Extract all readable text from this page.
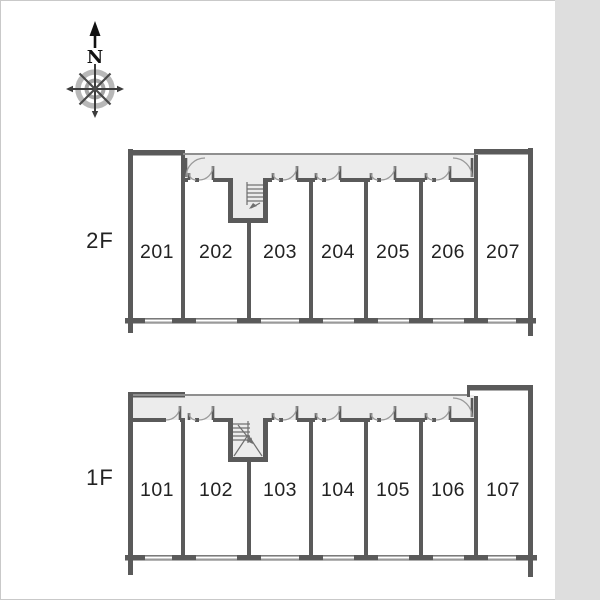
N
2F 201 202 203 204 205 206 207
1F 101 102 103 104 105 106 107
